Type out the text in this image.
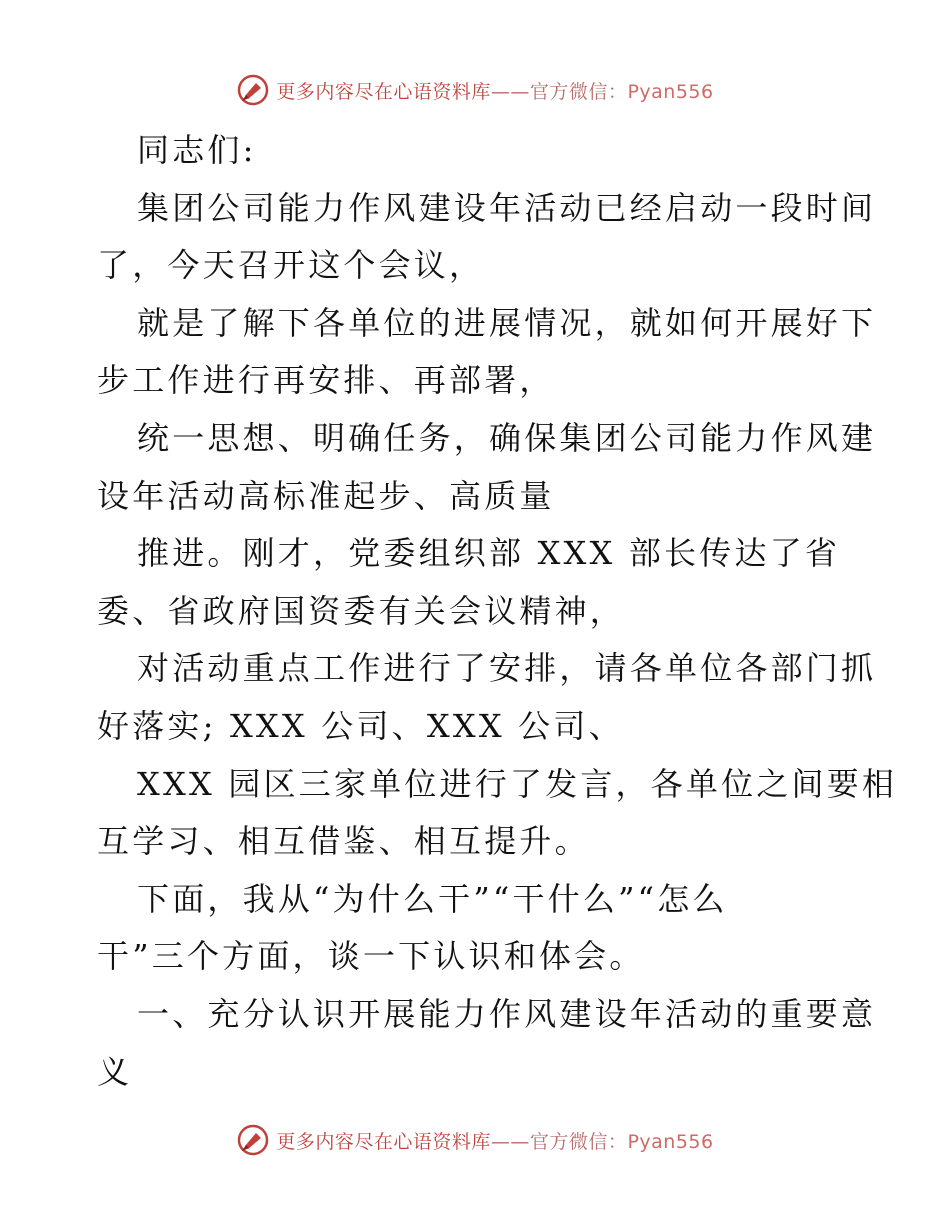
更多内容尽在心语资料库——官方微信：Pyan556
同志们:
集团公司能力作风建设年活动已经启动一段时间
了，今天召开这个会议，
就是了解下各单位的进展情况，就如何开展好下
步工作进行再安排、再部署，
统一思想、明确任务，确保集团公司能力作风建
设年活动高标准起步、高质量
推进。刚才，党委组织部 XXX 部长传达了省
委、省政府国资委有关会议精神，
对活动重点工作进行了安排，请各单位各部门抓
好落实; XXX 公司、XXX 公司、
XXX 园区三家单位进行了发言，各单位之间要相
互学习、相互借鉴、相互提升。
下面，我从“为什么干”“干什么”“怎么
干”三个方面，谈一下认识和体会。
一、充分认识开展能力作风建设年活动的重要意
义
更多内容尽在心语资料库——官方微信：Pyan556
